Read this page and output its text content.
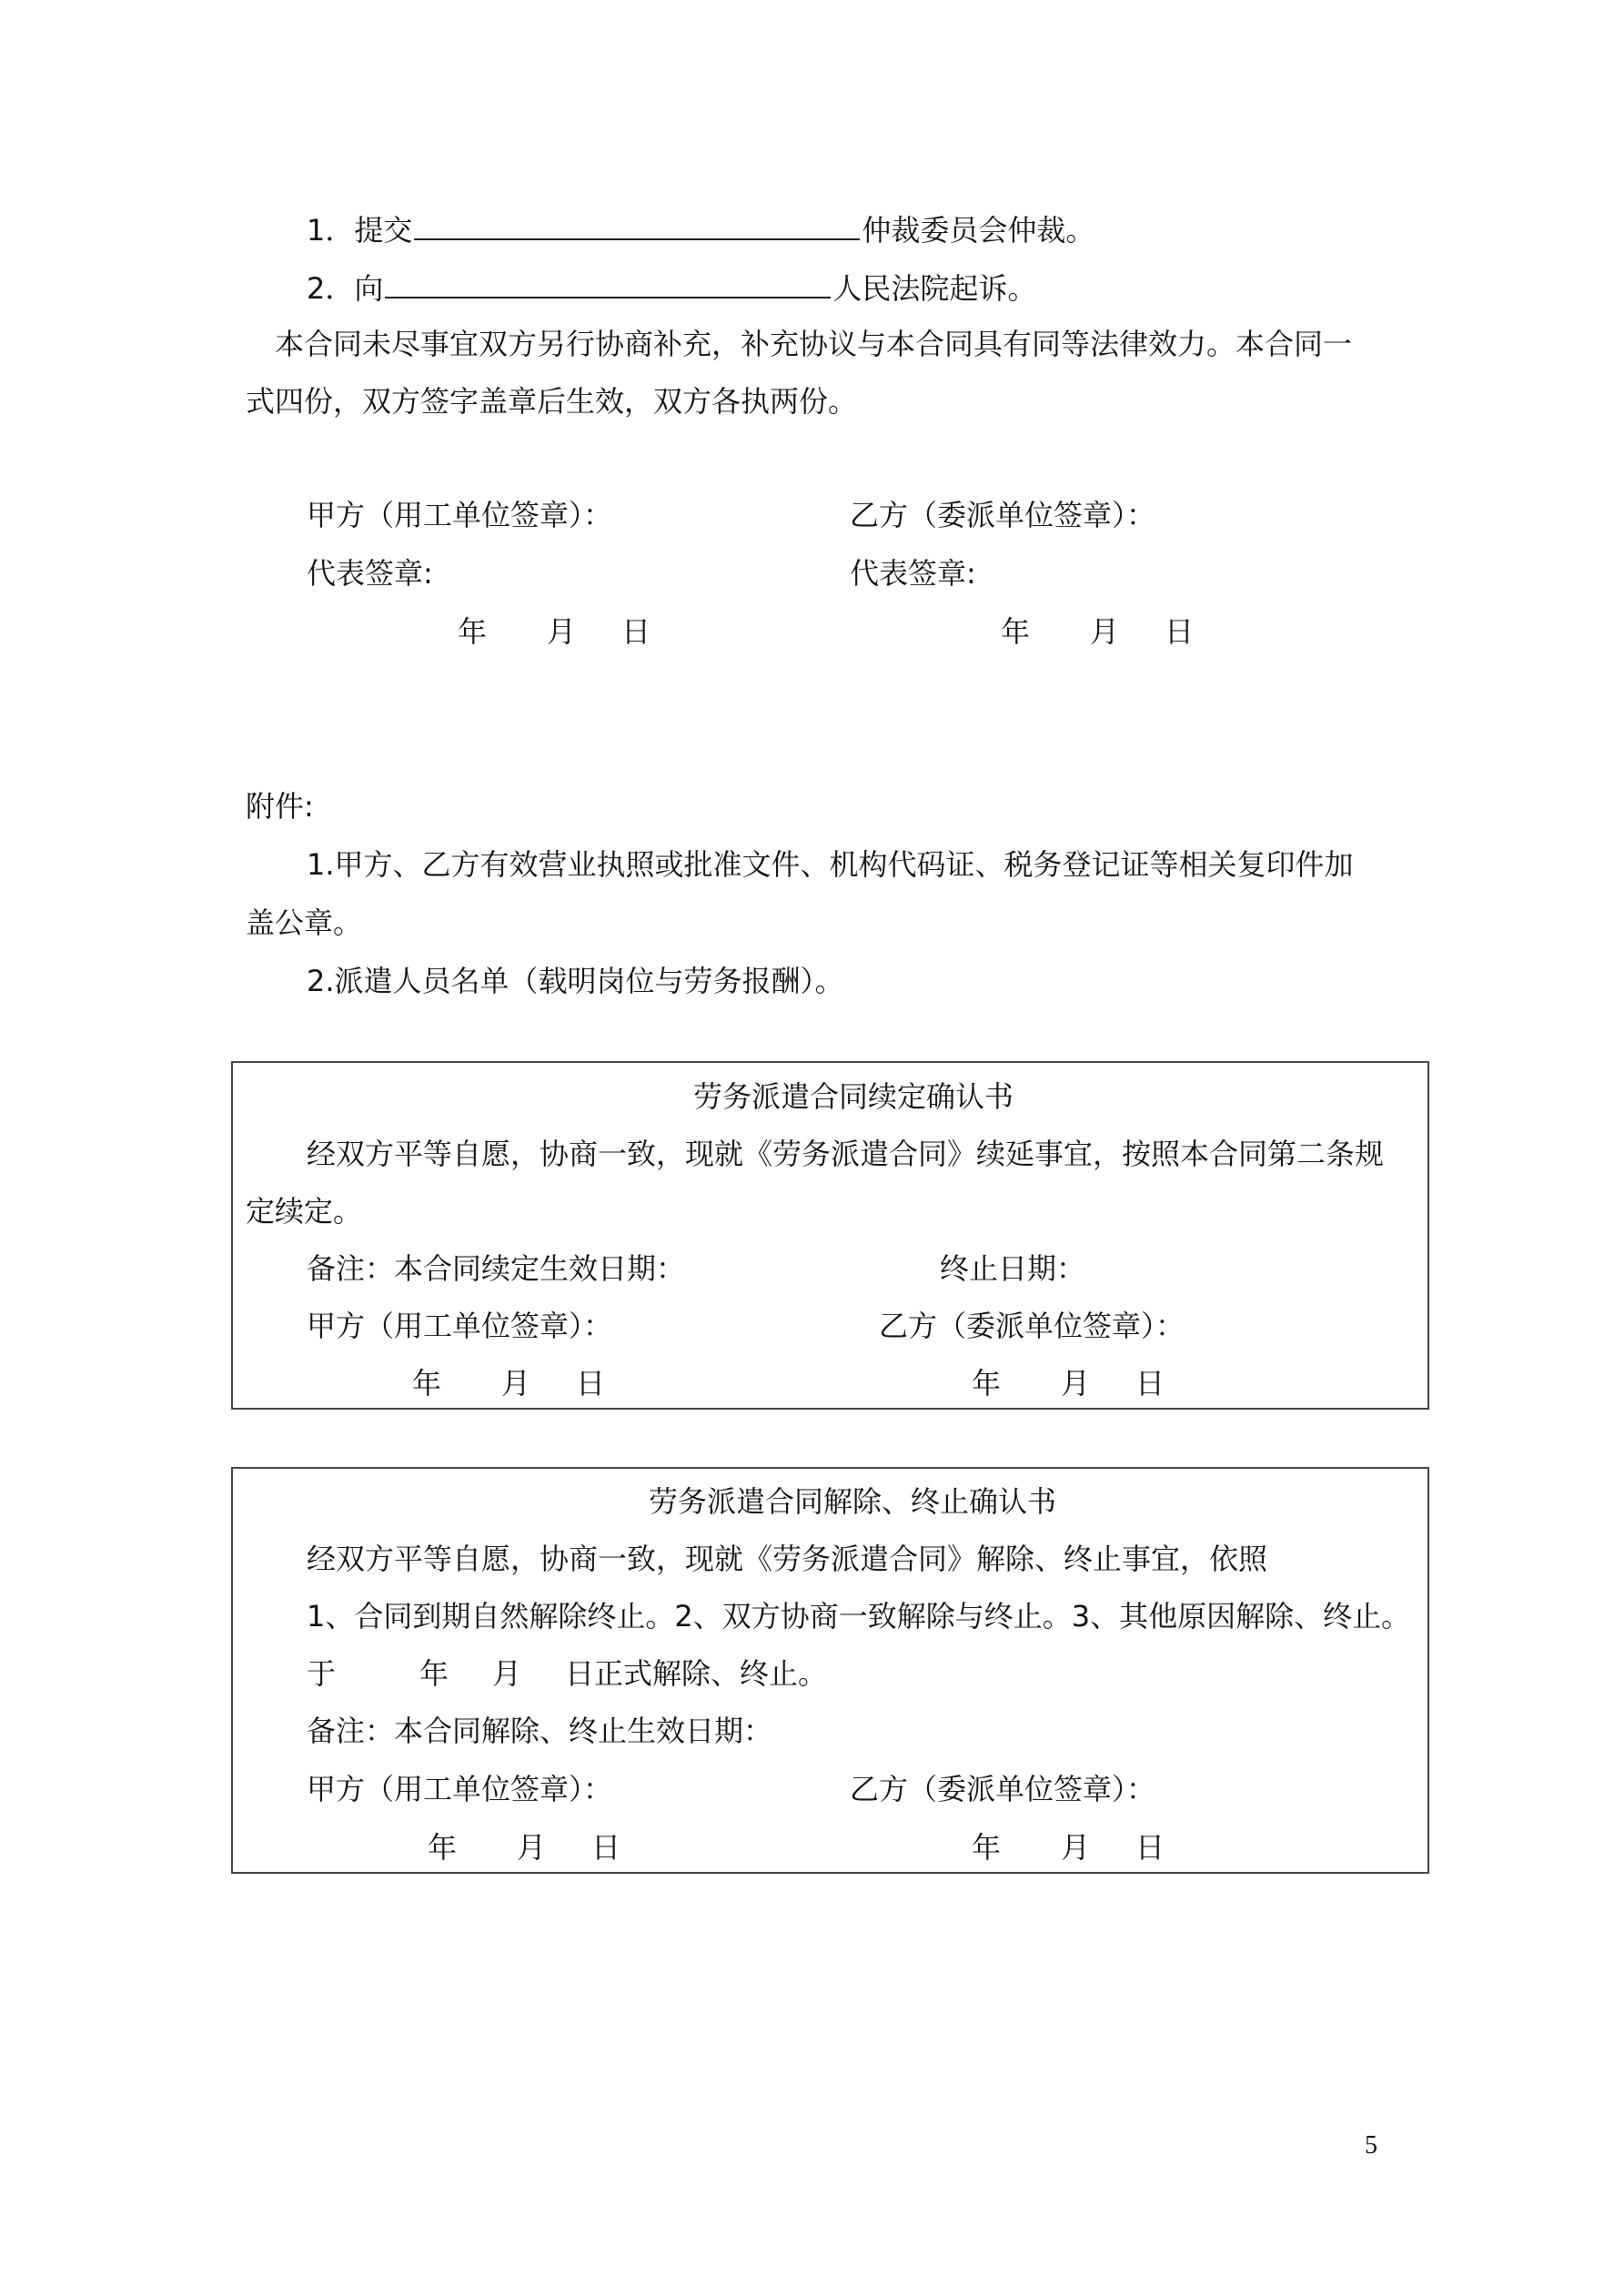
1．提交	仲裁委员会仲裁。
2．向	人民法院起诉。
本合同未尽事宜双方另行协商补充，补充协议与本合同具有同等法律效力。本合同一
式四份，双方签字盖章后生效，双方各执两份。
甲方（用工单位签章）：	乙方（委派单位签章）：
代表签章:	代表签章:
年 月 日	年 月 日
附件:
1.甲方、乙方有效营业执照或批准文件、机构代码证、税务登记证等相关复印件加
盖公章。
2.派遣人员名单（载明岗位与劳务报酬）。
劳务派遣合同续定确认书
经双方平等自愿，协商一致，现就《劳务派遣合同》续延事宜，按照本合同第二条规
定续定。
备注：本合同续定生效日期：	终止日期：
甲方（用工单位签章）：	乙方（委派单位签章）：
年 月 日	年 月 日
劳务派遣合同解除、终止确认书
经双方平等自愿，协商一致，现就《劳务派遣合同》解除、终止事宜，依照
1、合同到期自然解除终止。2、双方协商一致解除与终止。3、其他原因解除、终止。
于	年 月 日正式解除、终止。
备注：本合同解除、终止生效日期：
甲方（用工单位签章）：	乙方（委派单位签章）：
年 月 日	年 月 日
5
